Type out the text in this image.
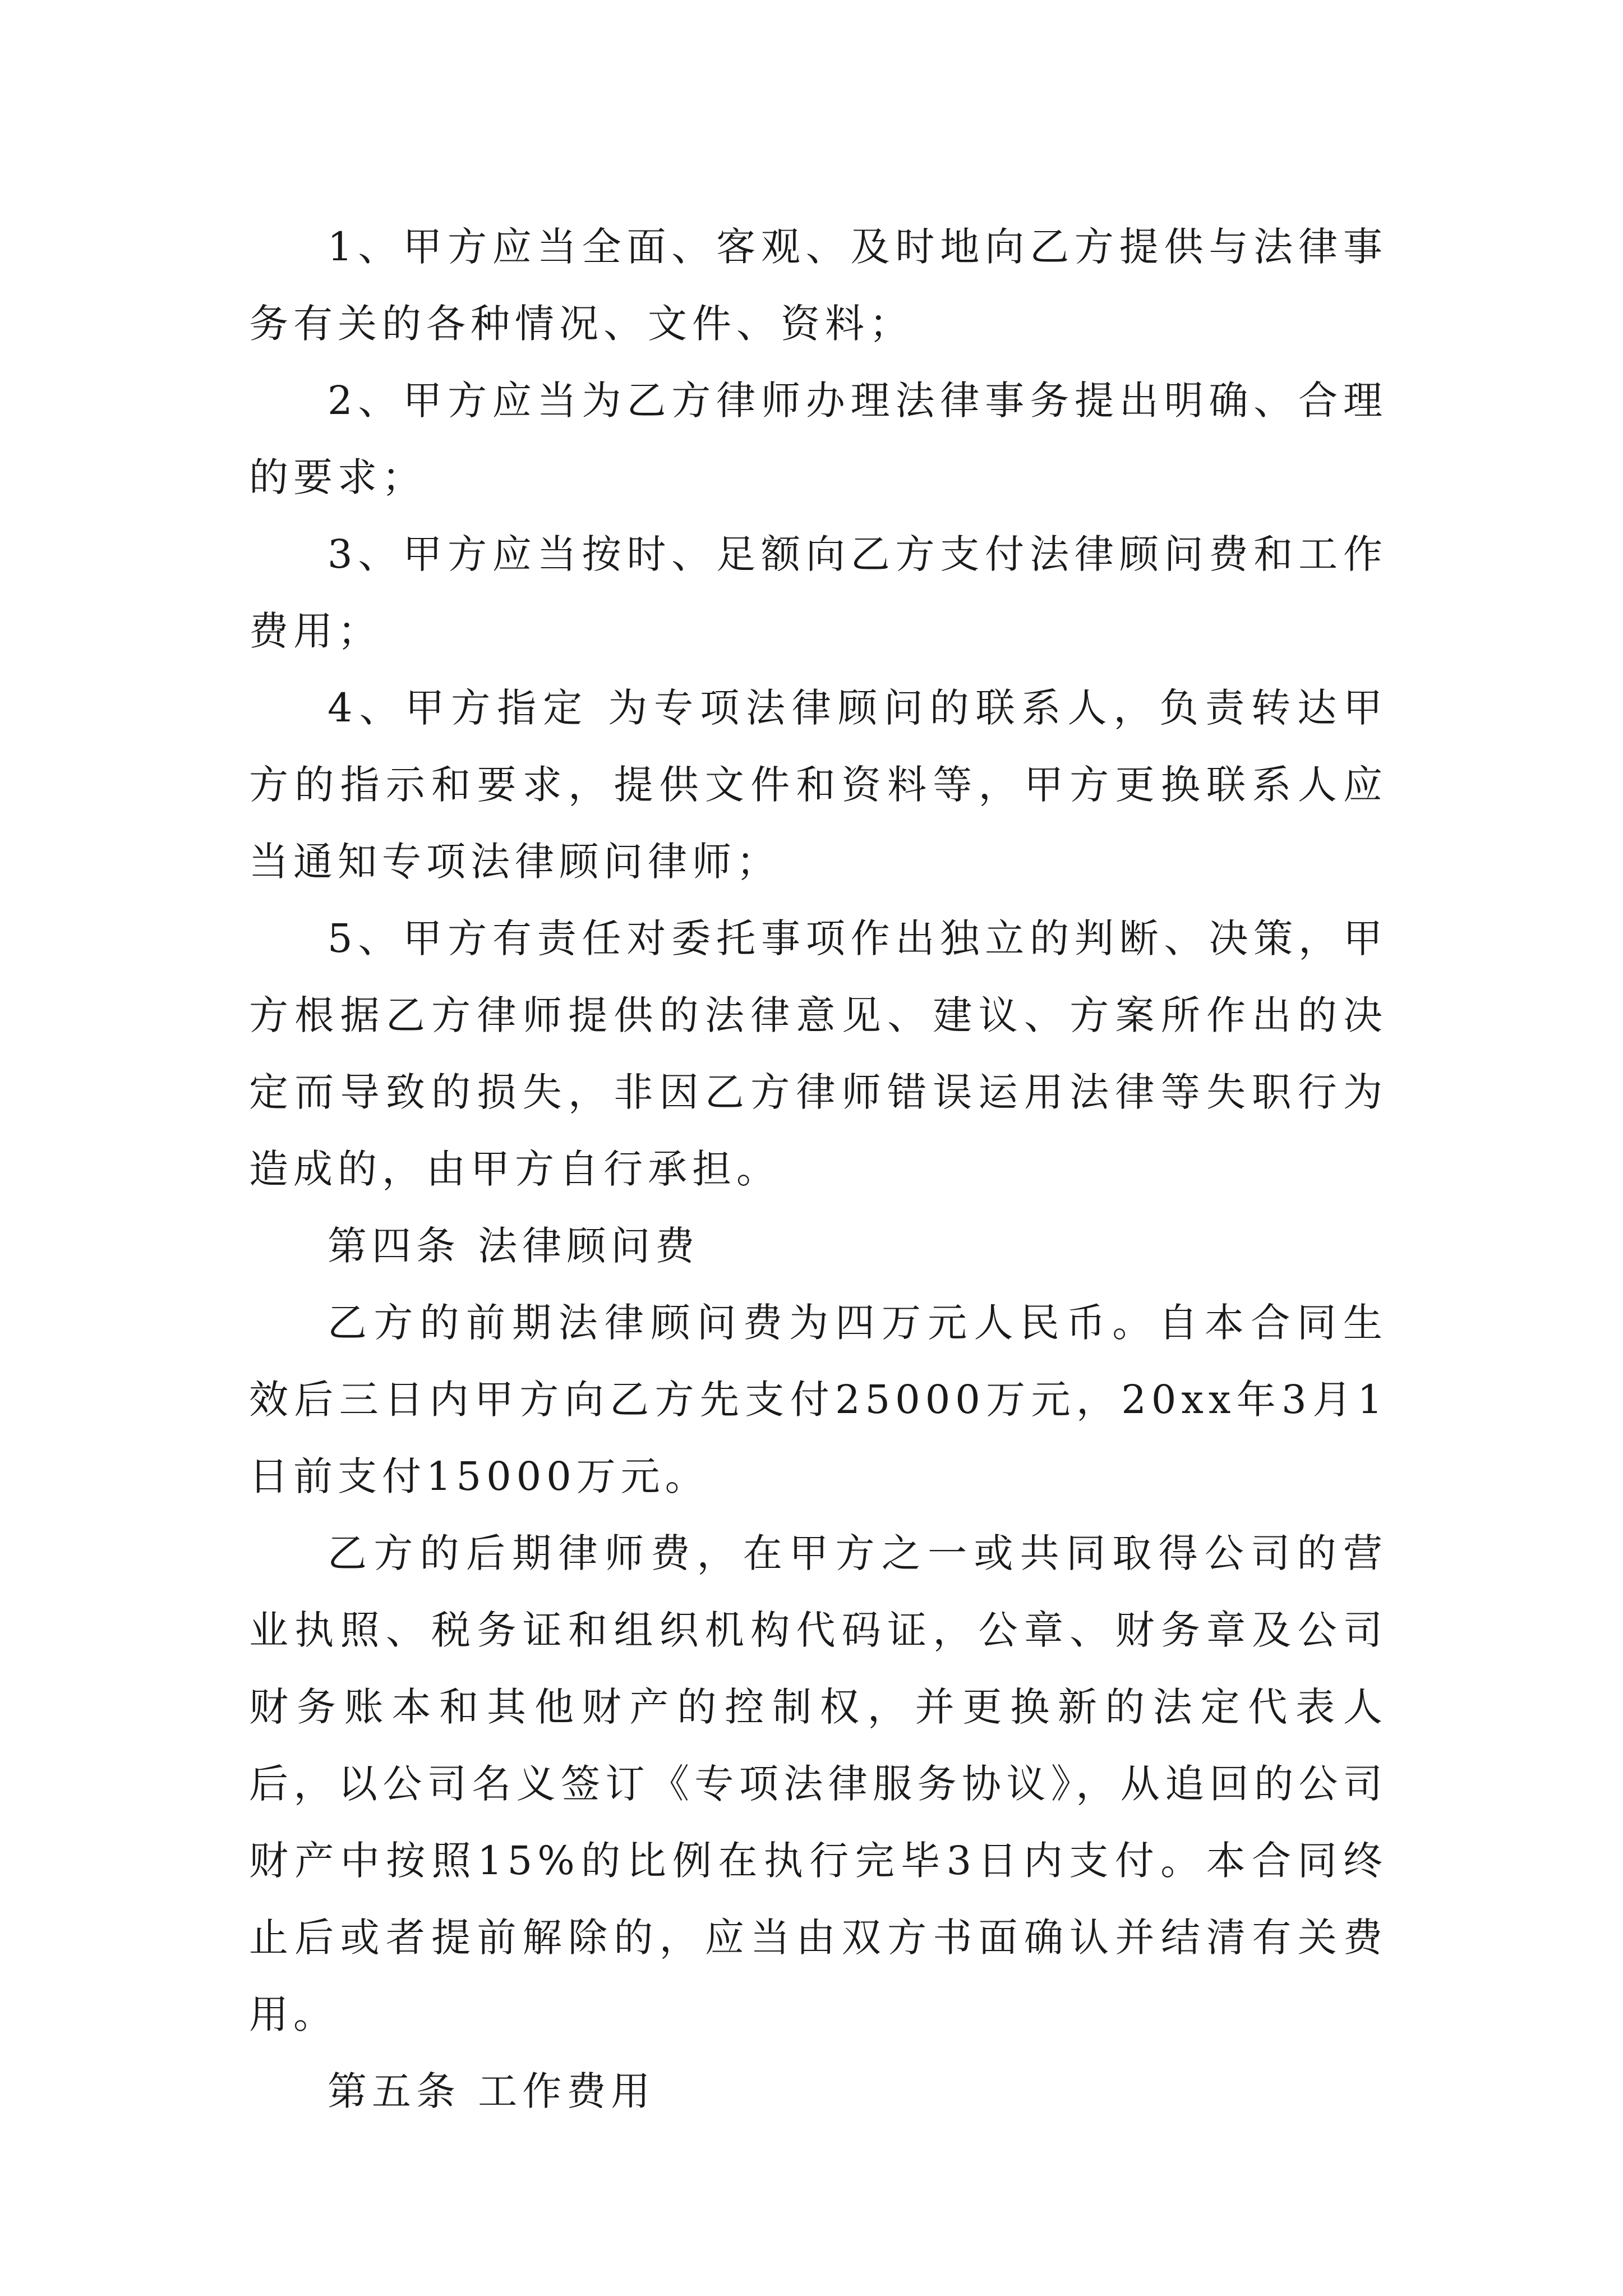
1、甲方应当全面、客观、及时地向乙方提供与法律事务有关的各种情况、文件、资料；

2、甲方应当为乙方律师办理法律事务提出明确、合理的要求；

3、甲方应当按时、足额向乙方支付法律顾问费和工作费用；

4、甲方指定 为专项法律顾问的联系人，负责转达甲方的指示和要求，提供文件和资料等，甲方更换联系人应当通知专项法律顾问律师；

5、甲方有责任对委托事项作出独立的判断、决策，甲方根据乙方律师提供的法律意见、建议、方案所作出的决定而导致的损失，非因乙方律师错误运用法律等失职行为造成的，由甲方自行承担。

第四条 法律顾问费

乙方的前期法律顾问费为四万元人民币。自本合同生效后三日内甲方向乙方先支付25000万元，20xx年3月1日前支付15000万元。

乙方的后期律师费，在甲方之一或共同取得公司的营业执照、税务证和组织机构代码证，公章、财务章及公司财务账本和其他财产的控制权，并更换新的法定代表人后，以公司名义签订《专项法律服务协议》，从追回的公司财产中按照15%的比例在执行完毕3日内支付。本合同终止后或者提前解除的，应当由双方书面确认并结清有关费用。

第五条 工作费用
